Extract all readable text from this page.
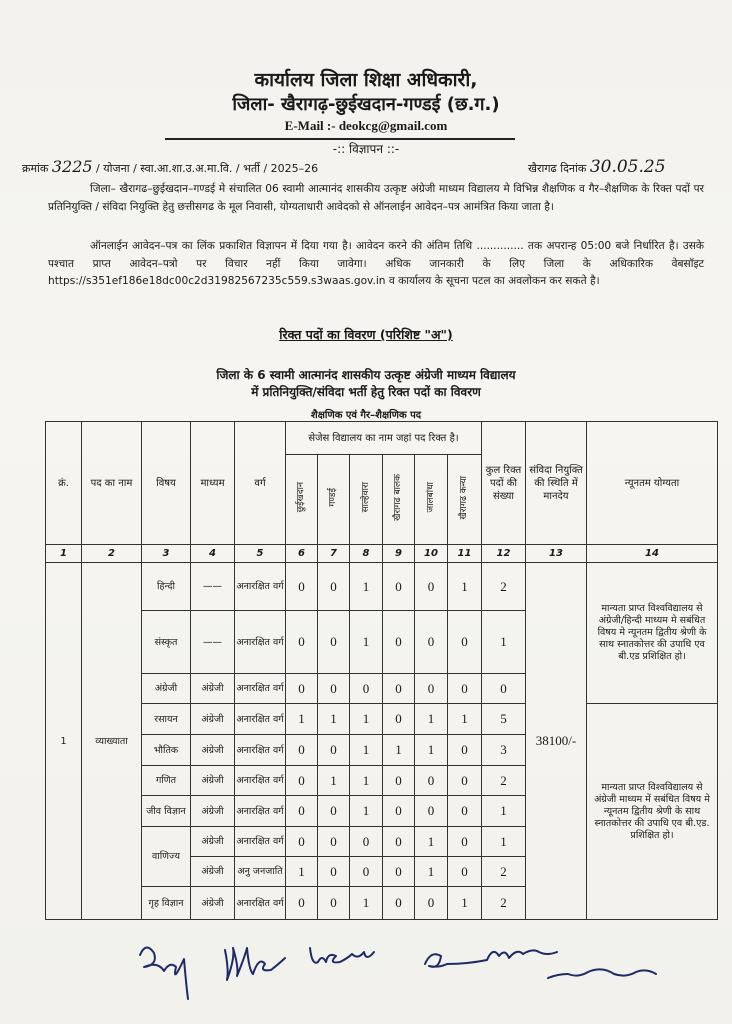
कार्यालय जिला शिक्षा अधिकारी,
जिला- खैरागढ़-छुईखदान-गण्डई (छ.ग.)
E-Mail :- deokcg@gmail.com
-:: विज्ञापन ::-
क्रमांक 3225 / योजना / स्वा.आ.शा.उ.अ.मा.वि. / भर्ती / 2025–26	खैरागढ दिनांक 30.05.25
जिला– खैरागढ–छुईखदान–गण्डई मे संचालित 06 स्वामी आत्मानंद शासकीय उत्कृष्ट अंग्रेजी माध्यम विद्यालय मे विभिन्न शैक्षणिक व गैर–शैक्षणिक के रिक्त पदों पर प्रतिनियुक्ति / संविदा नियुक्ति हेतु छत्तीसगढ के मूल निवासी, योग्यताधारी आवेदको से ऑनलाईन आवेदन–पत्र आमंत्रित किया जाता है।
ऑनलाईन आवेदन–पत्र का लिंक प्रकाशित विज्ञापन में दिया गया है। आवेदन करने की अंतिम तिथि .............. तक अपरान्ह 05:00 बजे निर्धारित है। उसके पश्चात प्राप्त आवेदन–पत्रो पर विचार नहीं किया जावेगा। अधिक जानकारी के लिए जिला के अधिकारिक वेबसॉइट https://s351ef186e18dc00c2d31982567235c559.s3waas.gov.in व कार्यालय के सूचना पटल का अवलोकन कर सकते है।
रिक्त पदों का विवरण (परिशिष्ट "अ")
जिला के 6 स्वामी आत्मानंद शासकीय उत्कृष्ट अंग्रेजी माध्यम विद्यालय
में प्रतिनियुक्ति/संविदा भर्ती हेतु रिक्त पदों का विवरण
शैक्षणिक एवं गैर–शैक्षणिक पद
क्रं.	पद का नाम	विषय	माध्यम	वर्ग	सेजेस विद्यालय का नाम जहां पद रिक्त है।						कुल रिक्त पदों की संख्या	संविदा नियुक्ति की स्थिति में मानदेय	न्यूनतम योग्यता
					छुईखदान	गण्डई	साल्हेवारा	खैरागढ बालक	जालबांधा	खैरागढ कन्या			
1	2	3	4	5	6	7	8	9	10	11	12	13	14
1	व्याख्याता	हिन्दी	——	अनारक्षित वर्ग	0	0	1	0	0	1	2	38100/-	मान्यता प्राप्त विश्वविद्यालय से अंग्रेजी/हिन्दी माध्यम मे सबंधित विषय मे न्यूनतम द्वितीय श्रेणी के साथ स्नातकोत्तर की उपाधि एव बी.एड प्रशिक्षित हो।
		संस्कृत	——	अनारक्षित वर्ग	0	0	1	0	0	0	1		
		अंग्रेजी	अंग्रेजी	अनारक्षित वर्ग	0	0	0	0	0	0	0		
		रसायन	अंग्रेजी	अनारक्षित वर्ग	1	1	1	0	1	1	5		मान्यता प्राप्त विश्वविद्यालय से अंग्रेजी माध्यम में सबंधित विषय मे न्यूनतम द्वितीय श्रेणी के साथ स्नातकोत्तर की उपाधि एव बी.एड. प्रशिक्षित हो।
		भौतिक	अंग्रेजी	अनारक्षित वर्ग	0	0	1	1	1	0	3		
		गणित	अंग्रेजी	अनारक्षित वर्ग	0	1	1	0	0	0	2		
		जीव विज्ञान	अंग्रेजी	अनारक्षित वर्ग	0	0	1	0	0	0	1		
		वाणिज्य	अंग्रेजी	अनारक्षित वर्ग	0	0	0	0	1	0	1		
			अंग्रेजी	अनु जनजाति	1	0	0	0	1	0	2		
		गृह विज्ञान	अंग्रेजी	अनारक्षित वर्ग	0	0	1	0	0	1	2		
